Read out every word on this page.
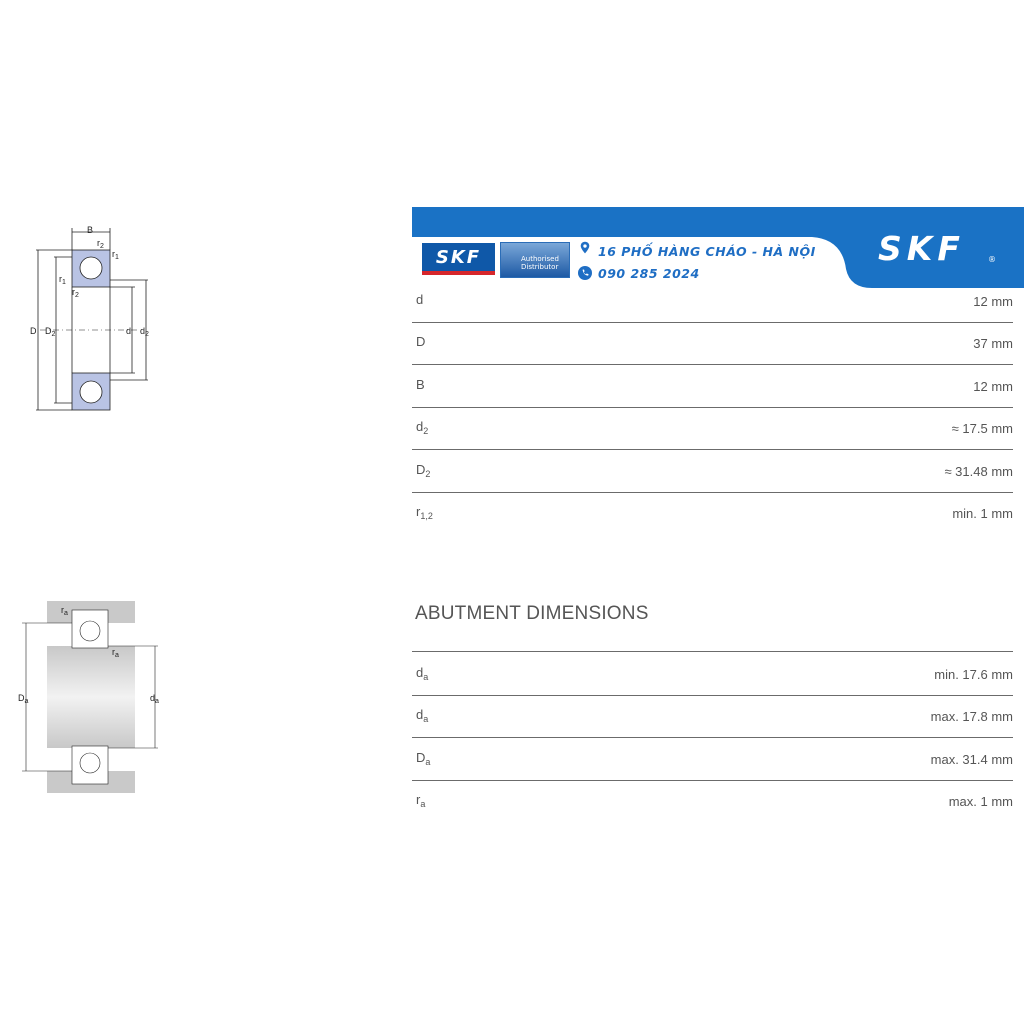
SKF	Authorised
Distributor
16 PHỐ HÀNG CHÁO - HÀ NỘI
090 285 2024
SKF	®
d	12 mm
D	37 mm
B	12 mm
$d_2$	≈ 17.5 mm
$D_2$	≈ 31.48 mm
$r_{1,2}$	min. 1 mm
ABUTMENT DIMENSIONS
$d_a$	min. 17.6 mm
$d_a$	max. 17.8 mm
$D_a$	max. 31.4 mm
$r_a$	max. 1 mm
B
$r_2$
$r_1$
$r_1$
$r_2$
D $D_2$	d $d_2$
$r_a$
$r_a$
$D_a$	$d_a$
